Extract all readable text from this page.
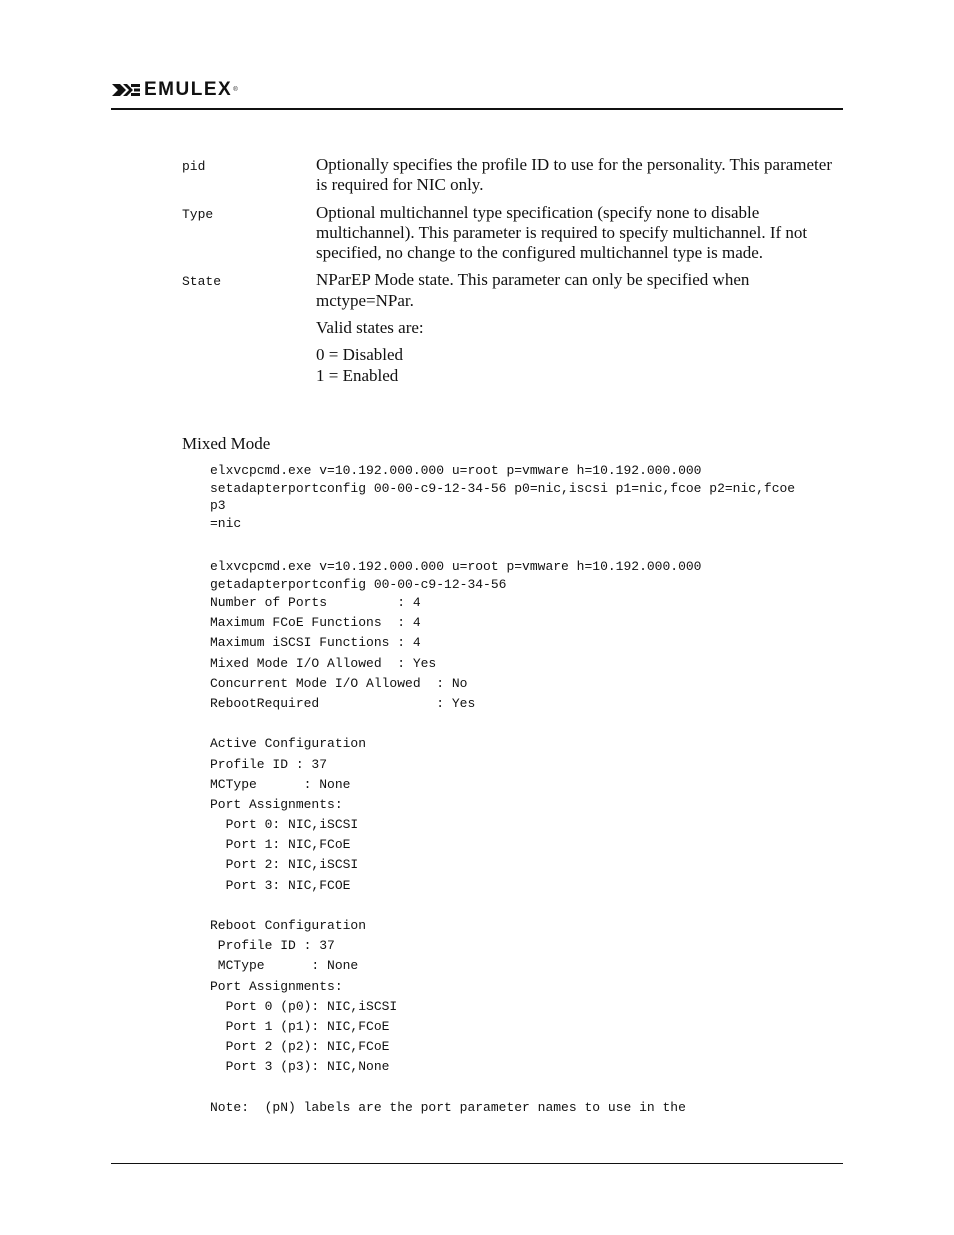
EMULEX ®
pid	Optionally specifies the profile ID to use for the personality. This parameter is required for NIC only.

Type	Optional multichannel type specification (specify none to disable multichannel). This parameter is required to specify multichannel. If not specified, no change to the configured multichannel type is made.

State	NParEP Mode state. This parameter can only be specified when mctype=NPar.

Valid states are:

0 = Disabled
1 = Enabled

Mixed Mode
elxvcpcmd.exe v=10.192.000.000 u=root p=vmware h=10.192.000.000
setadapterportconfig 00-00-c9-12-34-56 p0=nic,iscsi p1=nic,fcoe p2=nic,fcoe
p3
=nic
elxvcpcmd.exe v=10.192.000.000 u=root p=vmware h=10.192.000.000
getadapterportconfig 00-00-c9-12-34-56
Number of Ports         : 4
Maximum FCoE Functions  : 4
Maximum iSCSI Functions : 4
Mixed Mode I/O Allowed  : Yes
Concurrent Mode I/O Allowed  : No
RebootRequired               : Yes
Active Configuration
Profile ID : 37
MCType      : None
Port Assignments:
Port 0: NIC,iSCSI
Port 1: NIC,FCoE
Port 2: NIC,iSCSI
Port 3: NIC,FCOE
Reboot Configuration
Profile ID : 37
MCType      : None
Port Assignments:
Port 0 (p0): NIC,iSCSI
Port 1 (p1): NIC,FCoE
Port 2 (p2): NIC,FCoE
Port 3 (p3): NIC,None
Note:  (pN) labels are the port parameter names to use in the
